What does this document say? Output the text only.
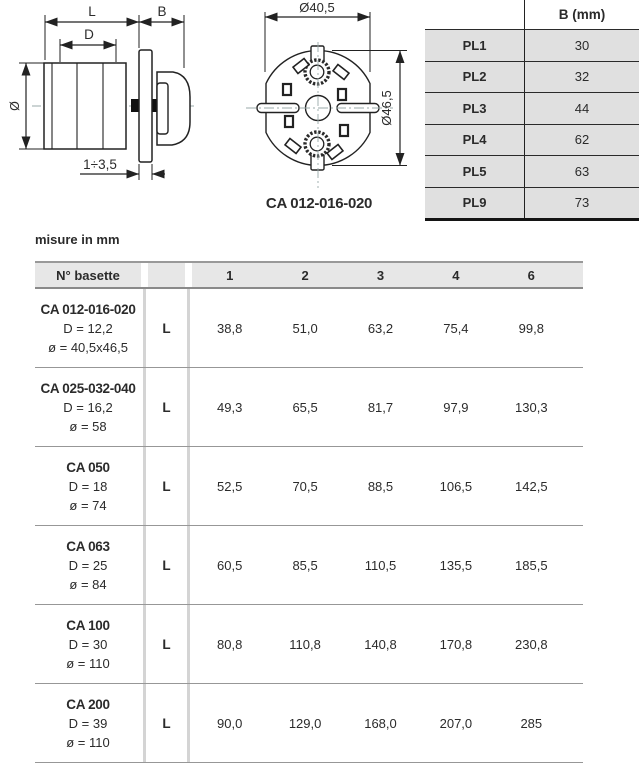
L	B
D
Ø
1÷3,5
Ø40,5
Ø46,5
CA 012-016-020
B (mm)
PL1	30
PL2	32
PL3	44
PL4	62
PL5	63
PL9	73
misure in mm
N° basette	1	2	3	4	6
CA 012-016-020
D = 12,2
ø = 40,5x46,5
L	38,8	51,0	63,2	75,4	99,8
CA 025-032-040
D = 16,2
ø = 58
L	49,3	65,5	81,7	97,9	130,3
CA 050
D = 18
ø = 74
L	52,5	70,5	88,5	106,5	142,5
CA 063
D = 25
ø = 84
L	60,5	85,5	110,5	135,5	185,5
CA 100
D = 30
ø = 110
L	80,8	110,8	140,8	170,8	230,8
CA 200
D = 39
ø = 110
L	90,0	129,0	168,0	207,0	285
